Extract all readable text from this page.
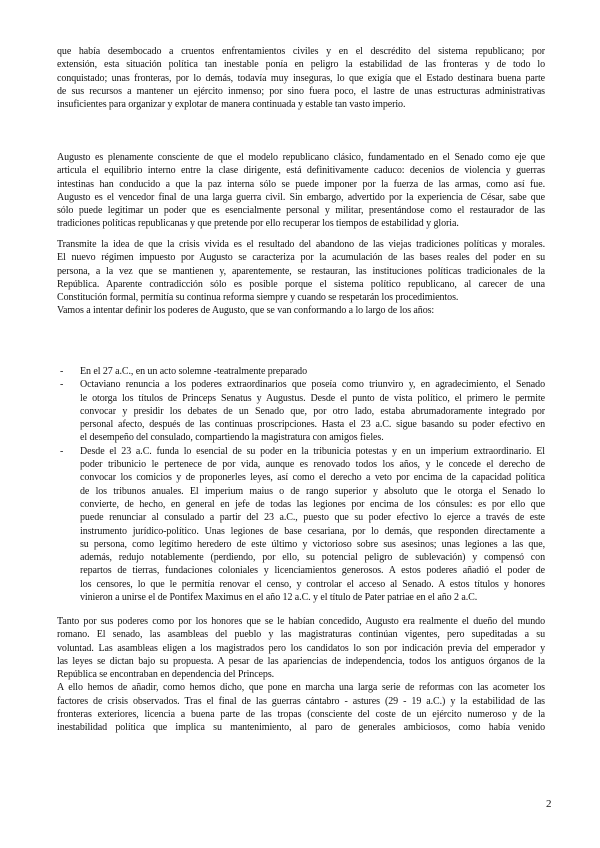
que había desembocado a cruentos enfrentamientos civiles y en el descrédito del sistema republicano; por
extensión, esta situación política tan inestable ponía en peligro la estabilidad de las fronteras y de todo lo
conquistado; unas fronteras, por lo demás, todavía muy inseguras, lo que exigía que el Estado destinara buena parte
de sus recursos a mantener un ejército inmenso; por sino fuera poco, el lastre de unas estructuras administrativas
insuficientes para organizar y explotar de manera continuada y estable tan vasto imperio.
Augusto es plenamente consciente de que el modelo republicano clásico, fundamentado en el Senado como eje que
articula el equilibrio interno entre la clase dirigente, está definitivamente caduco: decenios de violencia y guerras
intestinas han conducido a que la paz interna sólo se puede imponer por la fuerza de las armas, como así fue.
Augusto es el vencedor final de una larga guerra civil. Sin embargo, advertido por la experiencia de César, sabe que
sólo puede legitimar un poder que es esencialmente personal y militar, presentándose como el restaurador de las
tradiciones políticas republicanas y que pretende por ello recuperar los tiempos de estabilidad y gloria.
Transmite la idea de que la crisis vivida es el resultado del abandono de las viejas tradiciones políticas y morales.
El nuevo régimen impuesto por Augusto se caracteriza por la acumulación de las bases reales del poder en su
persona, a la vez que se mantienen y, aparentemente, se restauran, las instituciones políticas tradicionales de la
República. Aparente contradicción sólo es posible porque el sistema político republicano, al carecer de una
Constitución formal, permitía su continua reforma siempre y cuando se respetarán los procedimientos.
Vamos a intentar definir los poderes de Augusto, que se van conformando a lo largo de los años:
- En el 27 a.C., en un acto solemne -teatralmente preparado
- Octaviano renuncia a los poderes extraordinarios que poseía como triunviro y, en agradecimiento, el Senado
le otorga los títulos de Princeps Senatus y Augustus. Desde el punto de vista político, el primero le permite
convocar y presidir los debates de un Senado que, por otro lado, estaba abrumadoramente integrado por
personal afecto, después de las continuas proscripciones. Hasta el 23 a.C. sigue basando su poder efectivo en
el desempeño del consulado, compartiendo la magistratura con amigos fieles.
- Desde el 23 a.C. funda lo esencial de su poder en la tribunicia potestas y en un imperium extraordinario. El
poder tribunicio le pertenece de por vida, aunque es renovado todos los años, y le concede el derecho de
convocar los comicios y de proponerles leyes, así como el derecho a veto por encima de la capacidad política
de los tribunos anuales. El imperium maius o de rango superior y absoluto que le otorga el Senado lo
convierte, de hecho, en general en jefe de todas las legiones por encima de los cónsules: es por ello que
puede renunciar al consulado a partir del 23 a.C., puesto que su poder efectivo lo ejerce a través de este
instrumento jurídico-político. Unas legiones de base cesariana, por lo demás, que responden directamente a
su persona, como legítimo heredero de este último y victorioso sobre sus asesinos; unas legiones a las que,
además, redujo notablemente (perdiendo, por ello, su potencial peligro de sublevación) y compensó con
repartos de tierras, fundaciones coloniales y licenciamientos generosos. A estos poderes añadió el poder de
los censores, lo que le permitía renovar el censo, y controlar el acceso al Senado. A estos títulos y honores
vinieron a unirse el de Pontifex Maximus en el año 12 a.C. y el título de Pater patriae en el año 2 a.C.
Tanto por sus poderes como por los honores que se le habían concedido, Augusto era realmente el dueño del mundo
romano. El senado, las asambleas del pueblo y las magistraturas continúan vigentes, pero supeditadas a su
voluntad. Las asambleas eligen a los magistrados pero los candidatos lo son por indicación previa del emperador y
las leyes se dictan bajo su propuesta. A pesar de las apariencias de independencia, todos los antiguos órganos de la
República se encontraban en dependencia del Princeps.
A ello hemos de añadir, como hemos dicho, que pone en marcha una larga serie de reformas con las acometer los
factores de crisis observados. Tras el final de las guerras cántabro - astures (29 - 19 a.C.) y la estabilidad de las
fronteras exteriores, licencia a buena parte de las tropas (consciente del coste de un ejército numeroso y de la
inestabilidad política que implica su mantenimiento, al paro de generales ambiciosos, como había venido
2
